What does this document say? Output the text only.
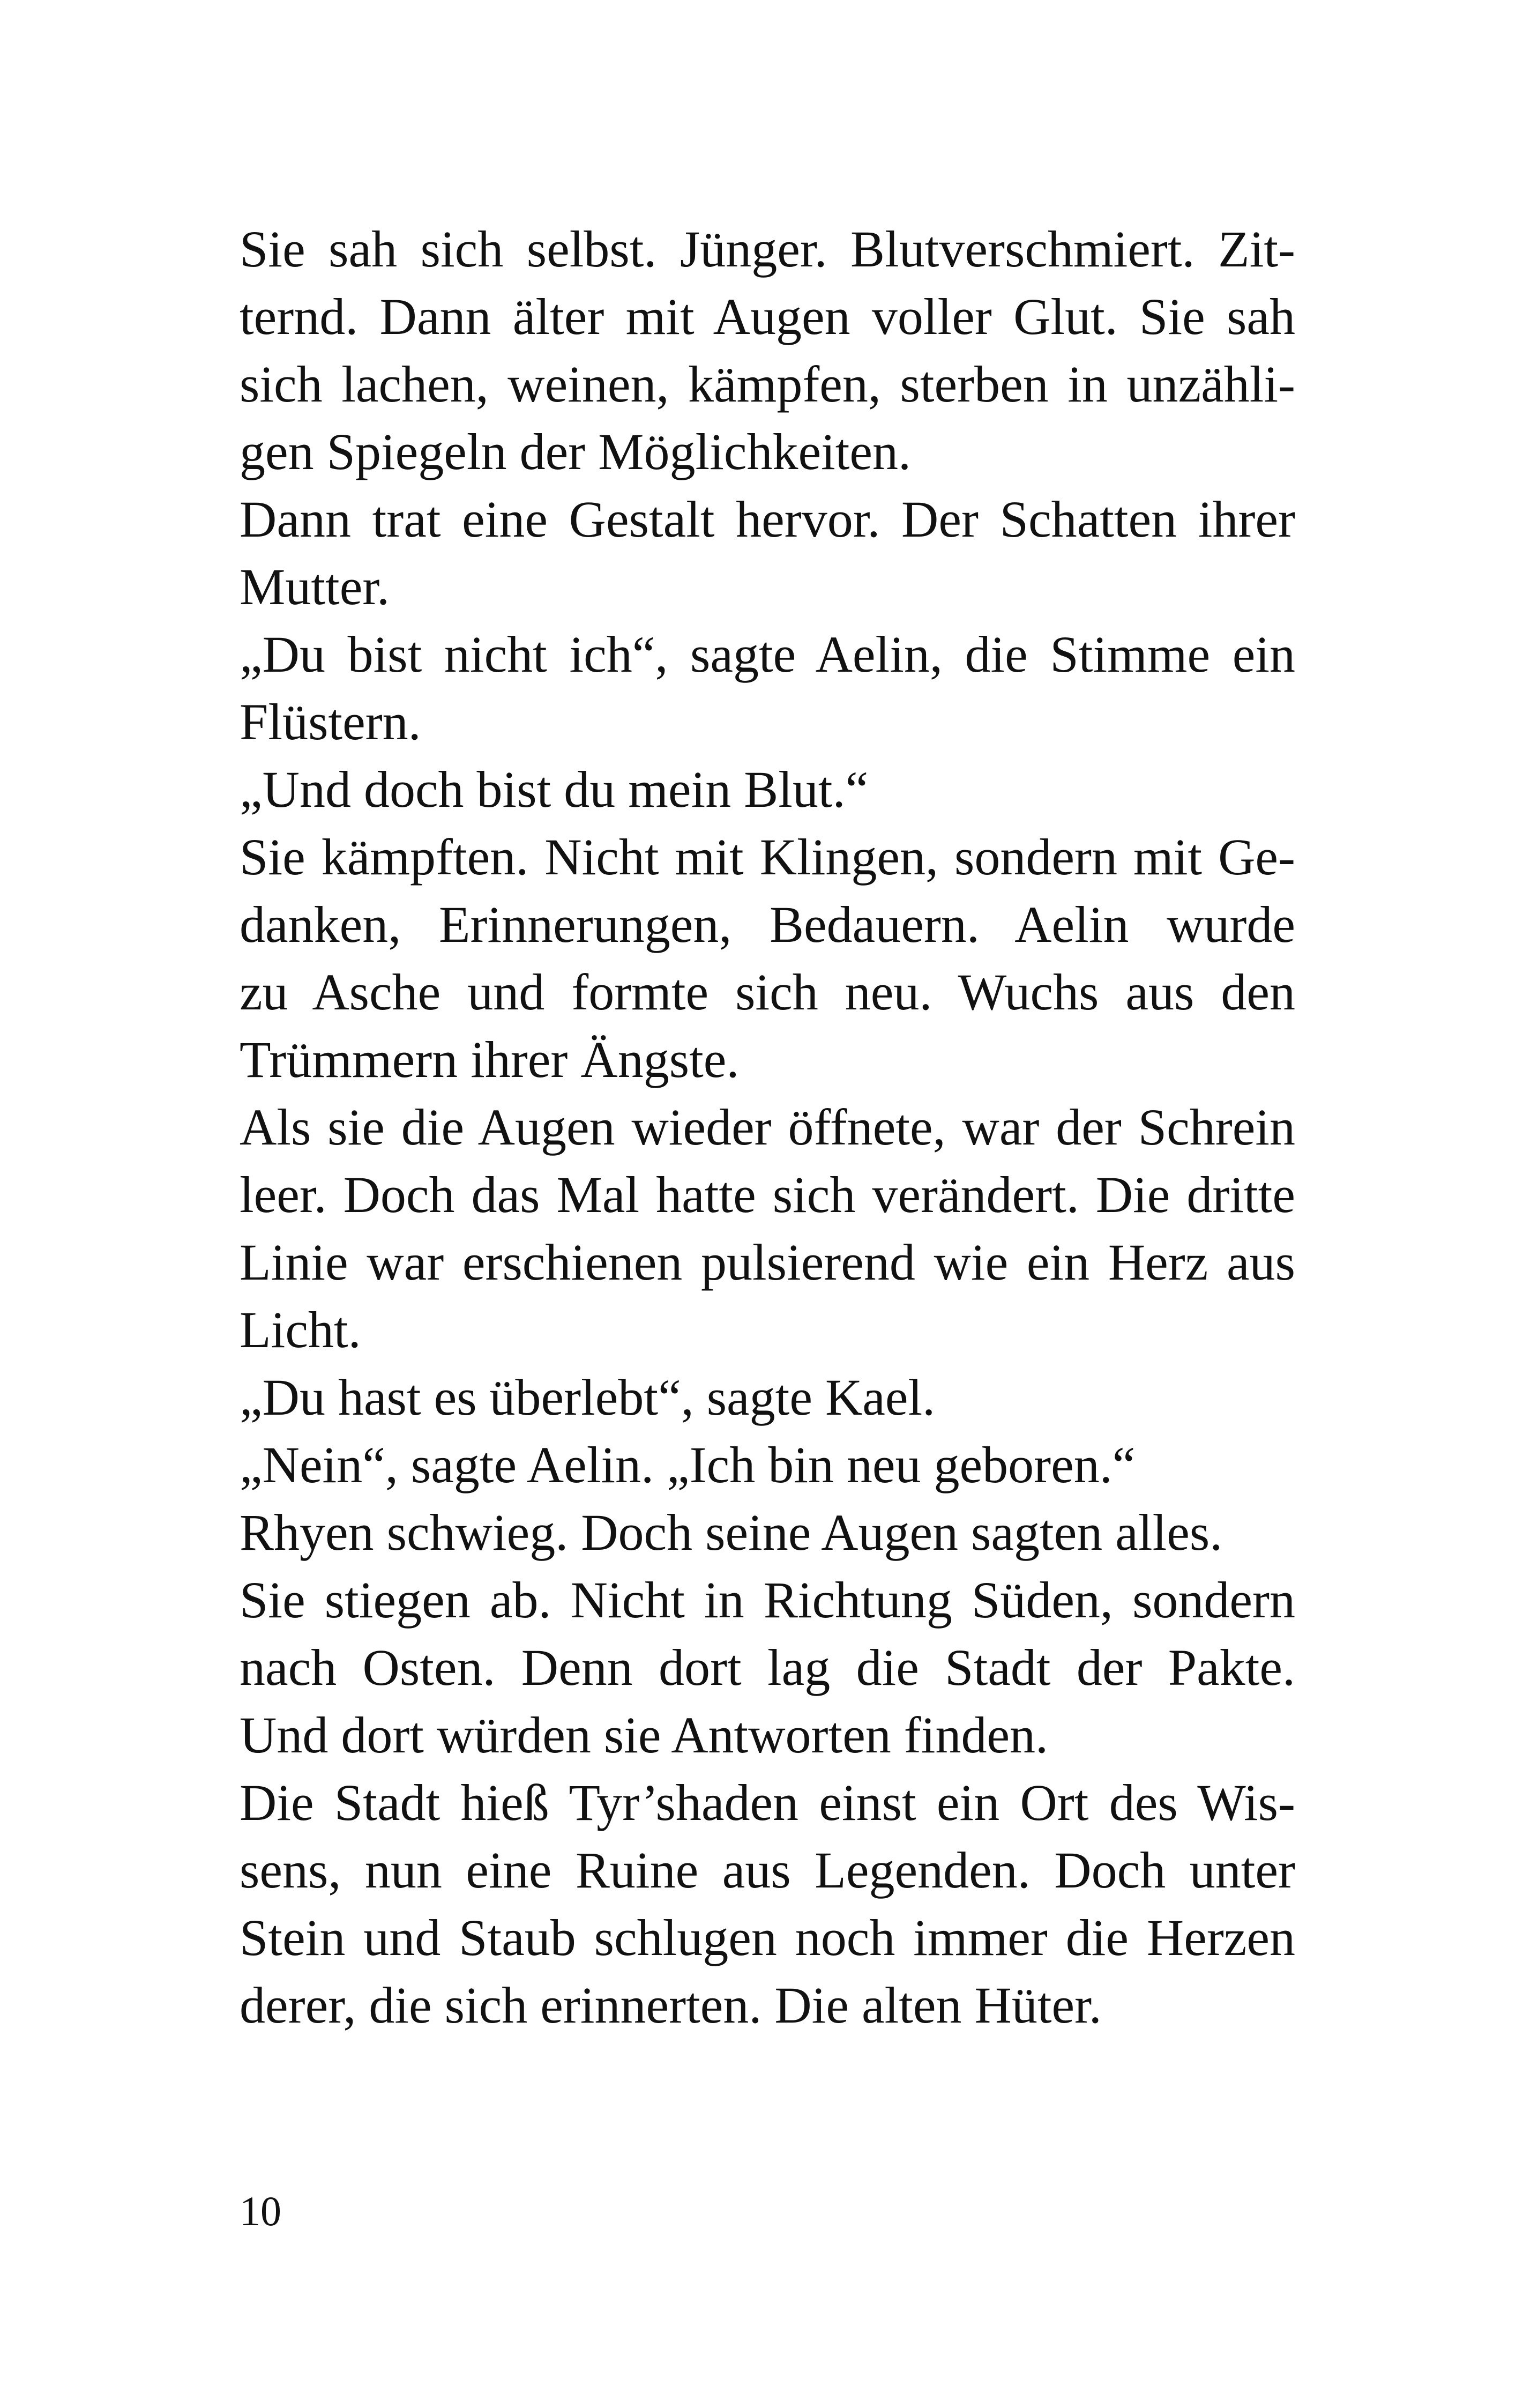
Sie sah sich selbst. Jünger. Blutverschmiert. Zit-
ternd. Dann älter mit Augen voller Glut. Sie sah
sich lachen, weinen, kämpfen, sterben in unzähli-
gen Spiegeln der Möglichkeiten.
Dann trat eine Gestalt hervor. Der Schatten ihrer
Mutter.
„Du bist nicht ich“, sagte Aelin, die Stimme ein
Flüstern.
„Und doch bist du mein Blut.“
Sie kämpften. Nicht mit Klingen, sondern mit Ge-
danken, Erinnerungen, Bedauern. Aelin wurde
zu Asche und formte sich neu. Wuchs aus den
Trümmern ihrer Ängste.
Als sie die Augen wieder öffnete, war der Schrein
leer. Doch das Mal hatte sich verändert. Die dritte
Linie war erschienen pulsierend wie ein Herz aus
Licht.
„Du hast es überlebt“, sagte Kael.
„Nein“, sagte Aelin. „Ich bin neu geboren.“
Rhyen schwieg. Doch seine Augen sagten alles.
Sie stiegen ab. Nicht in Richtung Süden, sondern
nach Osten. Denn dort lag die Stadt der Pakte.
Und dort würden sie Antworten finden.
Die Stadt hieß Tyr’shaden einst ein Ort des Wis-
sens, nun eine Ruine aus Legenden. Doch unter
Stein und Staub schlugen noch immer die Herzen
derer, die sich erinnerten. Die alten Hüter.
10
